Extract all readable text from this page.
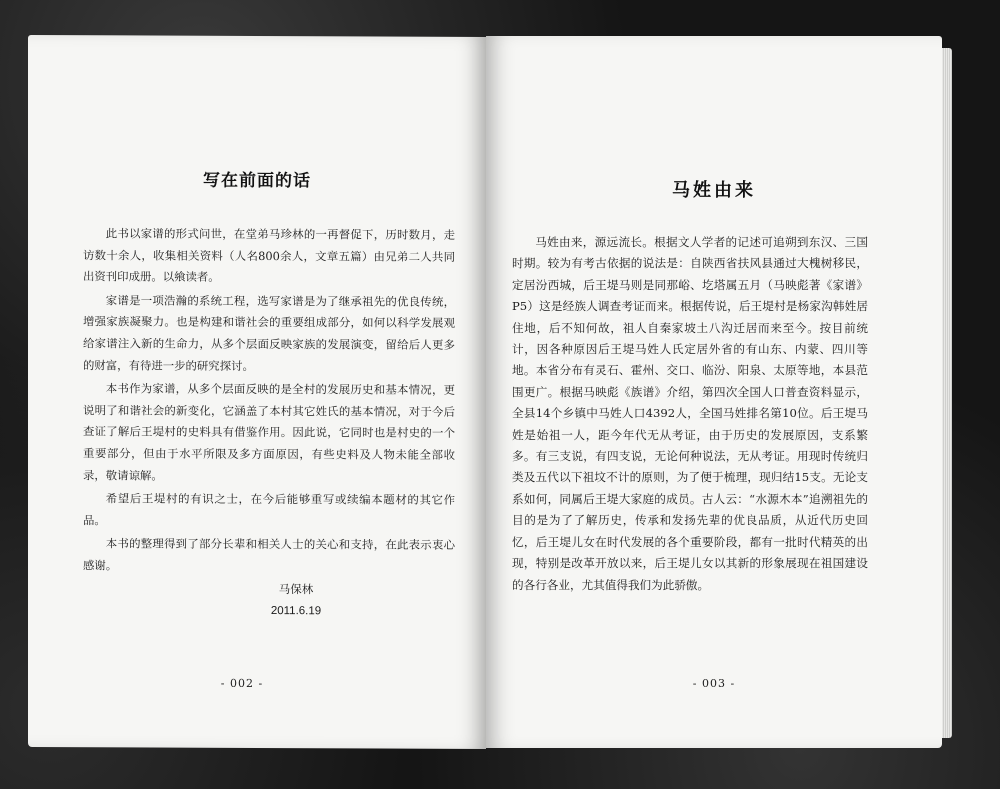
写在前面的话

此书以家谱的形式问世，在堂弟马珍林的一再督促下，历时数月，走访数十余人，收集相关资料（人名800余人，文章五篇）由兄弟二人共同出资刊印成册。以飨读者。

家谱是一项浩瀚的系统工程，选写家谱是为了继承祖先的优良传统，增强家族凝聚力。也是构建和谐社会的重要组成部分，如何以科学发展观给家谱注入新的生命力，从多个层面反映家族的发展演变，留给后人更多的财富，有待进一步的研究探讨。

本书作为家谱，从多个层面反映的是全村的发展历史和基本情况，更说明了和谐社会的新变化，它涵盖了本村其它姓氏的基本情况，对于今后查证了解后王堤村的史料具有借鉴作用。因此说，它同时也是村史的一个重要部分，但由于水平所限及多方面原因，有些史料及人物未能全部收录，敬请谅解。

希望后王堤村的有识之士，在今后能够重写或续编本题材的其它作品。

本书的整理得到了部分长辈和相关人士的关心和支持，在此表示衷心感谢。

马保林
2011.6.19
- 002 -
马姓由来

马姓由来，源远流长。根据文人学者的记述可追朔到东汉、三国时期。较为有考古依据的说法是：自陕西省扶风县通过大槐树移民，定居汾西城，后王堤马则是同那峪、圪塔属五月（马映彪著《家谱》P5）这是经族人调查考证而来。根据传说，后王堤村是杨家沟韩姓居住地，后不知何故，祖人自秦家坡土八沟迁居而来至今。按目前统计，因各种原因后王堤马姓人氏定居外省的有山东、内蒙、四川等地。本省分布有灵石、霍州、交口、临汾、阳泉、太原等地，本县范围更广。根据马映彪《族谱》介绍，第四次全国人口普查资料显示，全县14个乡镇中马姓人口4392人，全国马姓排名第10位。后王堤马姓是始祖一人，距今年代无从考证，由于历史的发展原因，支系繁多。有三支说，有四支说，无论何种说法，无从考证。用现时传统归类及五代以下祖坟不计的原则，为了便于梳理，现归结15支。无论支系如何，同属后王堤大家庭的成员。古人云：“水源木本”追溯祖先的目的是为了了解历史，传承和发扬先辈的优良品质，从近代历史回忆，后王堤儿女在时代发展的各个重要阶段，都有一批时代精英的出现，特别是改革开放以来，后王堤儿女以其新的形象展现在祖国建设的各行各业，尤其值得我们为此骄傲。

- 003 -
